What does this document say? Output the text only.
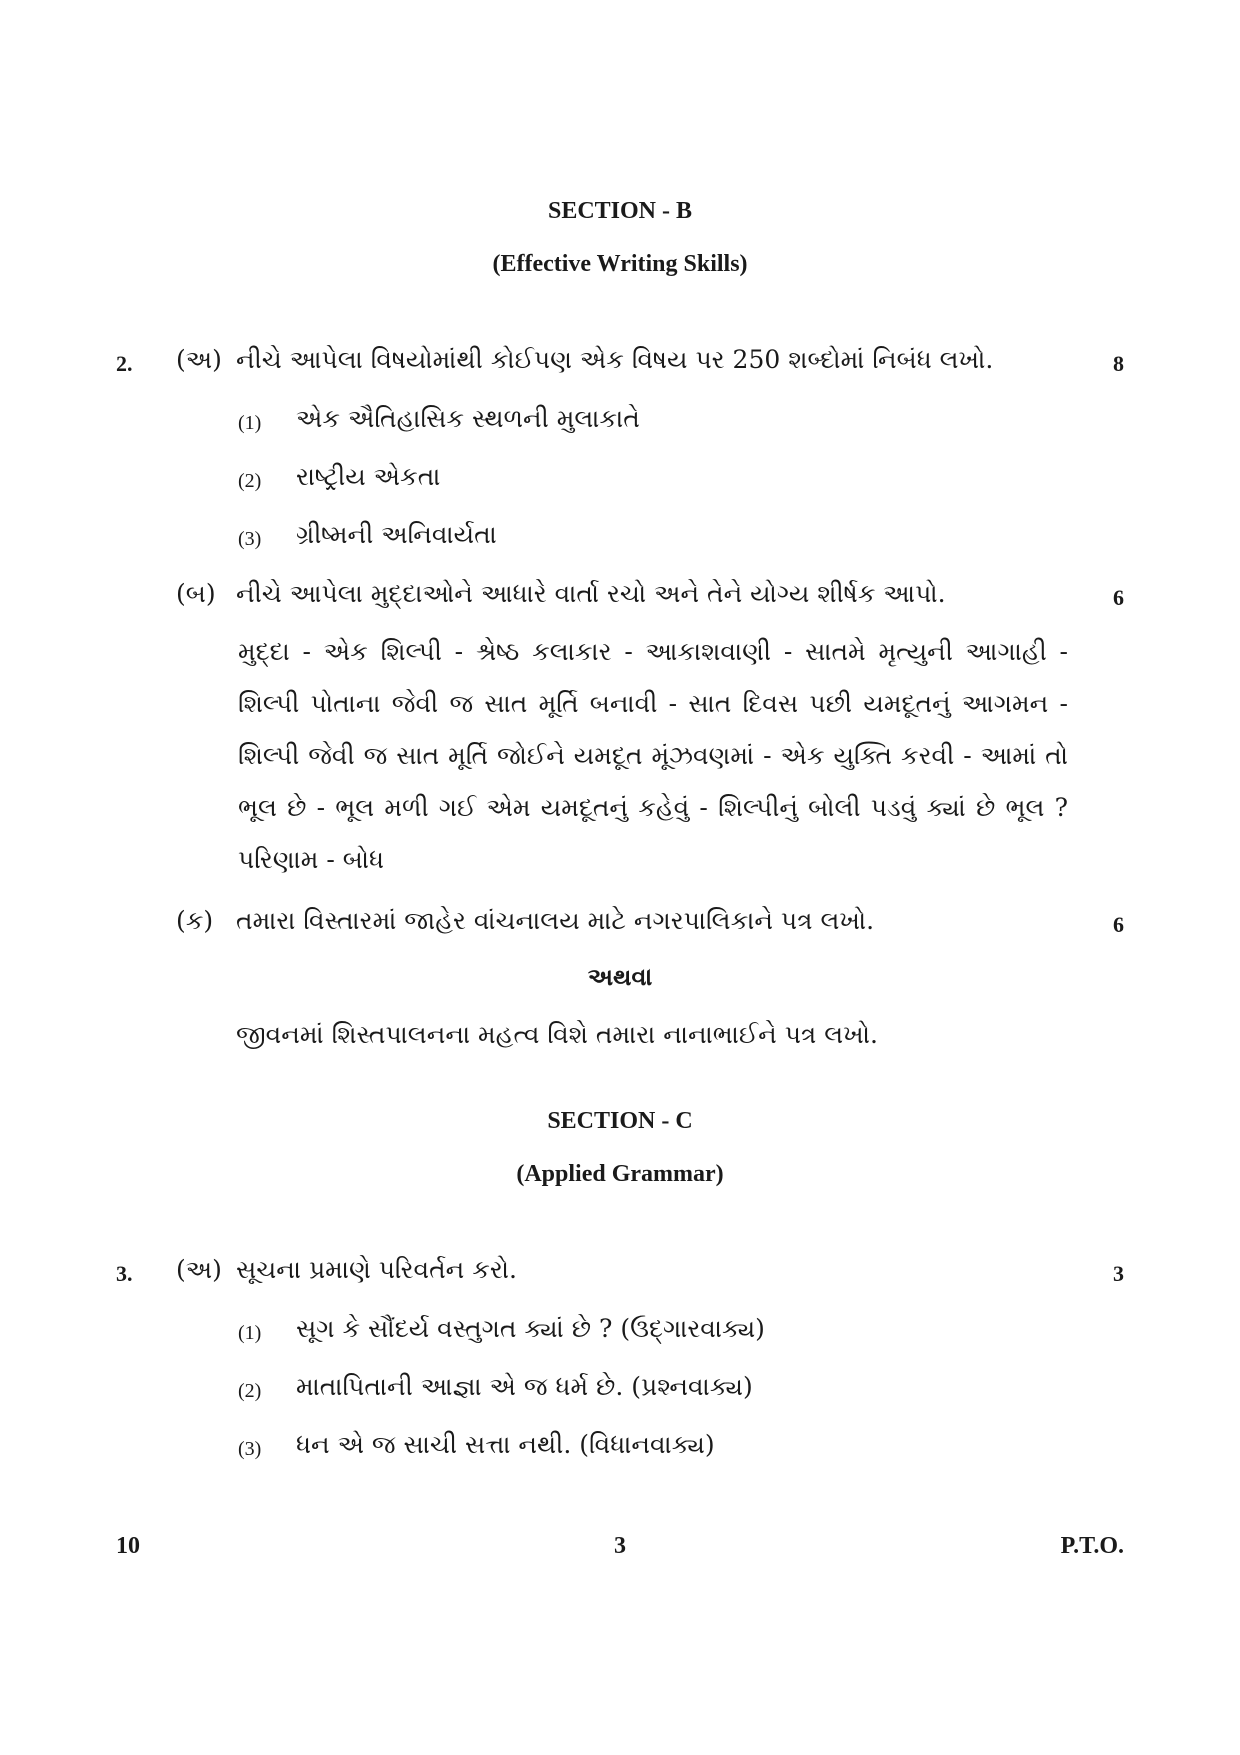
SECTION - B
(Effective Writing Skills)
2. (અ) નીચે આપેલા વિષયોમાંથી કોઈપણ એક વિષય પર 250 શબ્દોમાં નિબંધ લખો.	8
(1) એક ઐતિહાસિક સ્થળની મુલાકાતે
(2) રાષ્ટ્રીય એકતા
(3) ગ્રીષ્મની અનિવાર્યતા
(બ) નીચે આપેલા મુદ્દાઓને આધારે વાર્તા રચો અને તેને યોગ્ય શીર્ષક આપો.	6
મુદ્દા - એક શિલ્પી - શ્રેષ્ઠ કલાકાર - આકાશવાણી - સાતમે મૃત્યુની આગાહી - શિલ્પી પોતાના જેવી જ સાત મૂર્તિ બનાવી - સાત દિવસ પછી યમદૂતનું આગમન - શિલ્પી જેવી જ સાત મૂર્તિ જોઈને યમદૂત મૂંઝવણમાં - એક યુક્તિ કરવી - આમાં તો ભૂલ છે - ભૂલ મળી ગઈ એમ યમદૂતનું કહેવું - શિલ્પીનું બોલી પડવું ક્યાં છે ભૂલ ? પરિણામ - બોધ
(ક) તમારા વિસ્તારમાં જાહેર વાંચનાલય માટે નગરપાલિકાને પત્ર લખો.	6
અથવા
જીવનમાં શિસ્તપાલનના મહત્વ વિશે તમારા નાનાભાઈને પત્ર લખો.
SECTION - C
(Applied Grammar)
3. (અ) સૂચના પ્રમાણે પરિવર્તન કરો.	3
(1) સૂગ કે સૌંદર્ય વસ્તુગત ક્યાં છે ? (ઉદ્ગારવાક્ય)
(2) માતાપિતાની આજ્ઞા એ જ ધર્મ છે. (પ્રશ્નવાક્ય)
(3) ધન એ જ સાચી સત્તા નથી. (વિધાનવાક્ય)
10	3	P.T.O.
